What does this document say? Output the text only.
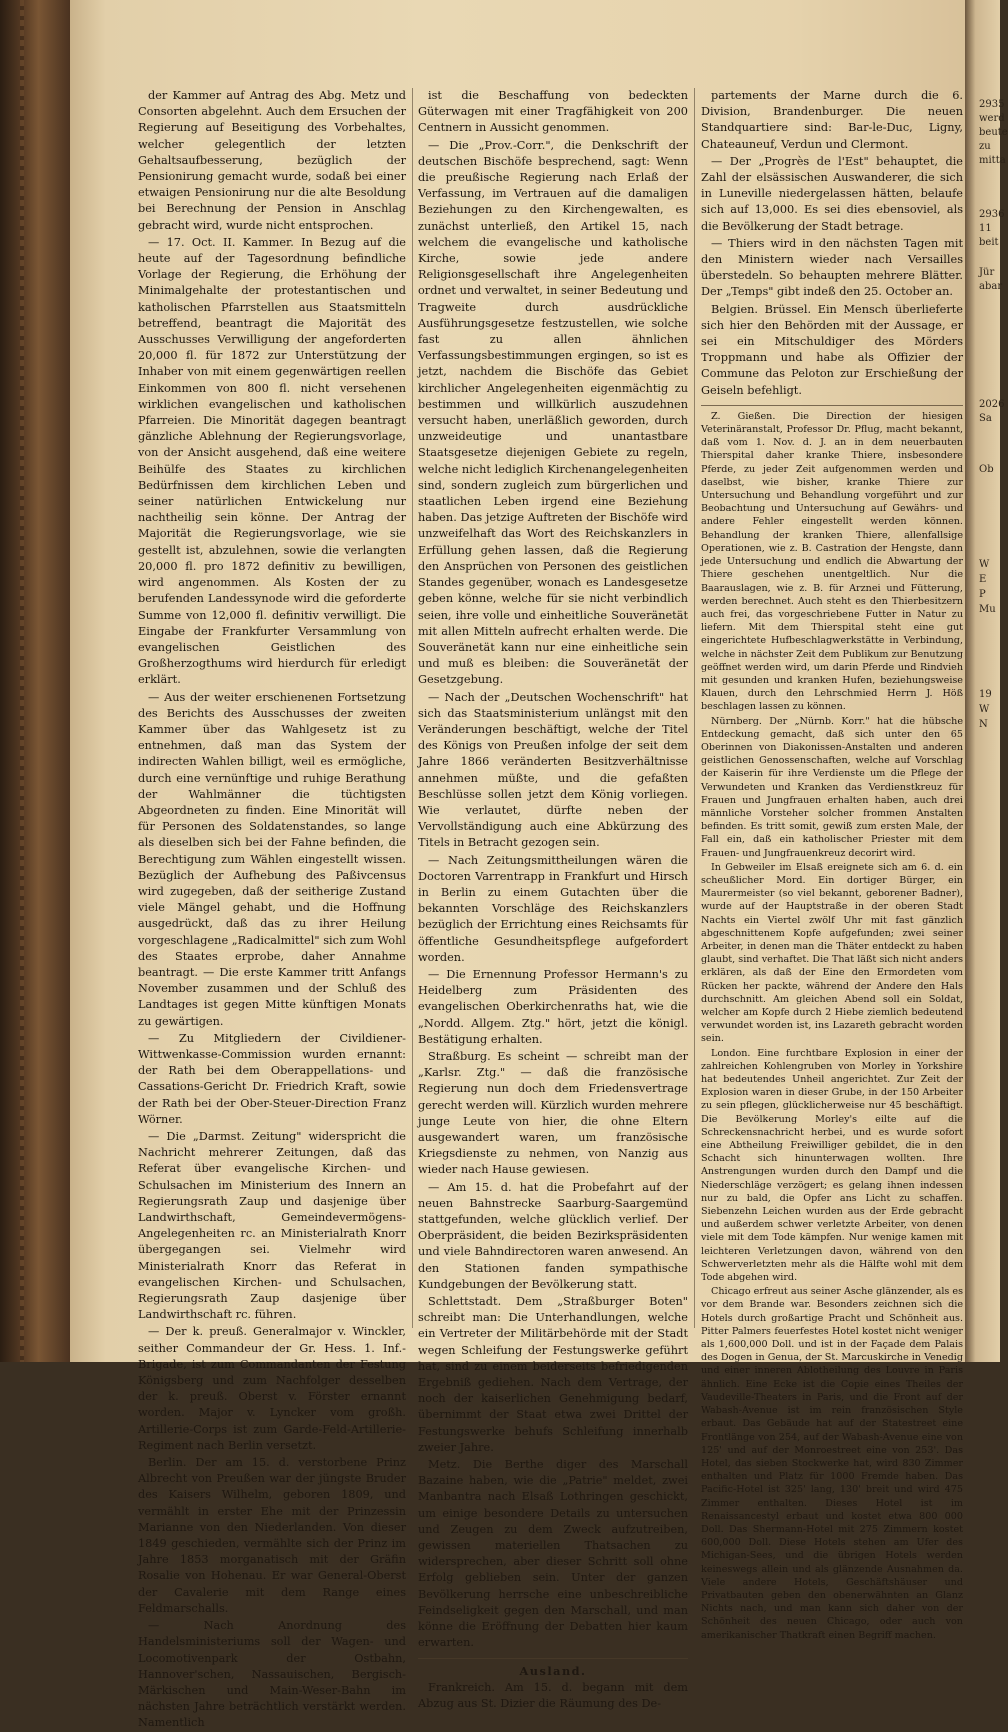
der Kammer auf Antrag des Abg. Metz und Consorten abgelehnt. Auch dem Ersuchen der Regierung auf Beseitigung des Vorbehaltes, welcher gelegentlich der letzten Gehaltsaufbesserung, bezüglich der Pensionirung gemacht wurde, sodaß bei einer etwaigen Pensionirung nur die alte Besoldung bei Berechnung der Pension in Anschlag gebracht wird, wurde nicht entsprochen.

— 17. Oct. II. Kammer. In Bezug auf die heute auf der Tagesordnung befindliche Vorlage der Regierung, die Erhöhung der Minimalgehalte der protestantischen und katholischen Pfarrstellen aus Staatsmitteln betreffend, beantragt die Majorität des Ausschusses Verwilligung der angeforderten 20,000 fl. für 1872 zur Unterstützung der Inhaber von mit einem gegenwärtigen reellen Einkommen von 800 fl. nicht versehenen wirklichen evangelischen und katholischen Pfarreien. Die Minorität dagegen beantragt gänzliche Ablehnung der Regierungsvorlage, von der Ansicht ausgehend, daß eine weitere Beihülfe des Staates zu kirchlichen Bedürfnissen dem kirchlichen Leben und seiner natürlichen Entwickelung nur nachtheilig sein könne. Der Antrag der Majorität die Regierungsvorlage, wie sie gestellt ist, abzulehnen, sowie die verlangten 20,000 fl. pro 1872 definitiv zu bewilligen, wird angenommen. Als Kosten der zu berufenden Landessynode wird die geforderte Summe von 12,000 fl. definitiv verwilligt. Die Eingabe der Frankfurter Versammlung von evangelischen Geistlichen des Großherzogthums wird hierdurch für erledigt erklärt.

— Aus der weiter erschienenen Fortsetzung des Berichts des Ausschusses der zweiten Kammer über das Wahlgesetz ist zu entnehmen, daß man das System der indirecten Wahlen billigt, weil es ermögliche, durch eine vernünftige und ruhige Berathung der Wahlmänner die tüchtigsten Abgeordneten zu finden. Eine Minorität will für Personen des Soldatenstandes, so lange als dieselben sich bei der Fahne befinden, die Berechtigung zum Wählen eingestellt wissen. Bezüglich der Aufhebung des Paßivcensus wird zugegeben, daß der seitherige Zustand viele Mängel gehabt, und die Hoffnung ausgedrückt, daß das zu ihrer Heilung vorgeschlagene „Radicalmittel" sich zum Wohl des Staates erprobe, daher Annahme beantragt. — Die erste Kammer tritt Anfangs November zusammen und der Schluß des Landtages ist gegen Mitte künftigen Monats zu gewärtigen.

— Zu Mitgliedern der Civildiener-Wittwenkasse-Commission wurden ernannt: der Rath bei dem Oberappellations- und Cassations-Gericht Dr. Friedrich Kraft, sowie der Rath bei der Ober-Steuer-Direction Franz Wörner.

— Die „Darmst. Zeitung" widerspricht die Nachricht mehrerer Zeitungen, daß das Referat über evangelische Kirchen- und Schulsachen im Ministerium des Innern an Regierungsrath Zaup und dasjenige über Landwirthschaft, Gemeindevermögens-Angelegenheiten rc. an Ministerialrath Knorr übergegangen sei. Vielmehr wird Ministerialrath Knorr das Referat in evangelischen Kirchen- und Schulsachen, Regierungsrath Zaup dasjenige über Landwirthschaft rc. führen.

— Der k. preuß. Generalmajor v. Winckler, seither Commandeur der Gr. Hess. 1. Inf.-Brigade, ist zum Commandanten der Festung Königsberg und zum Nachfolger desselben der k. preuß. Oberst v. Förster ernannt worden. Major v. Lyncker vom großh. Artillerie-Corps ist zum Garde-Feld-Artillerie-Regiment nach Berlin versetzt.

Berlin. Der am 15. d. verstorbene Prinz Albrecht von Preußen war der jüngste Bruder des Kaisers Wilhelm, geboren 1809, und vermählt in erster Ehe mit der Prinzessin Marianne von den Niederlanden. Von dieser 1849 geschieden, vermählte sich der Prinz im Jahre 1853 morganatisch mit der Gräfin Rosalie von Hohenau. Er war General-Oberst der Cavalerie mit dem Range eines Feldmarschalls.

— Nach Anordnung des Handelsministeriums soll der Wagen- und Locomotivenpark der Ostbahn, Hannover'schen, Nassauischen, Bergisch-Märkischen und Main-Weser-Bahn im nächsten Jahre beträchtlich verstärkt werden. Namentlich

ist die Beschaffung von bedeckten Güterwagen mit einer Tragfähigkeit von 200 Centnern in Aussicht genommen.

— Die „Prov.-Corr.", die Denkschrift der deutschen Bischöfe besprechend, sagt: Wenn die preußische Regierung nach Erlaß der Verfassung, im Vertrauen auf die damaligen Beziehungen zu den Kirchengewalten, es zunächst unterließ, den Artikel 15, nach welchem die evangelische und katholische Kirche, sowie jede andere Religionsgesellschaft ihre Angelegenheiten ordnet und verwaltet, in seiner Bedeutung und Tragweite durch ausdrückliche Ausführungsgesetze festzustellen, wie solche fast zu allen ähnlichen Verfassungsbestimmungen ergingen, so ist es jetzt, nachdem die Bischöfe das Gebiet kirchlicher Angelegenheiten eigenmächtig zu bestimmen und willkürlich auszudehnen versucht haben, unerläßlich geworden, durch unzweideutige und unantastbare Staatsgesetze diejenigen Gebiete zu regeln, welche nicht lediglich Kirchenangelegenheiten sind, sondern zugleich zum bürgerlichen und staatlichen Leben irgend eine Beziehung haben. Das jetzige Auftreten der Bischöfe wird unzweifelhaft das Wort des Reichskanzlers in Erfüllung gehen lassen, daß die Regierung den Ansprüchen von Personen des geistlichen Standes gegenüber, wonach es Landesgesetze geben könne, welche für sie nicht verbindlich seien, ihre volle und einheitliche Souveränetät mit allen Mitteln aufrecht erhalten werde. Die Souveränetät kann nur eine einheitliche sein und muß es bleiben: die Souveränetät der Gesetzgebung.

— Nach der „Deutschen Wochenschrift" hat sich das Staatsministerium unlängst mit den Veränderungen beschäftigt, welche der Titel des Königs von Preußen infolge der seit dem Jahre 1866 veränderten Besitzverhältnisse annehmen müßte, und die gefaßten Beschlüsse sollen jetzt dem König vorliegen. Wie verlautet, dürfte neben der Vervollständigung auch eine Abkürzung des Titels in Betracht gezogen sein.

— Nach Zeitungsmittheilungen wären die Doctoren Varrentrapp in Frankfurt und Hirsch in Berlin zu einem Gutachten über die bekannten Vorschläge des Reichskanzlers bezüglich der Errichtung eines Reichsamts für öffentliche Gesundheitspflege aufgefordert worden.

— Die Ernennung Professor Hermann's zu Heidelberg zum Präsidenten des evangelischen Oberkirchenraths hat, wie die „Nordd. Allgem. Ztg." hört, jetzt die königl. Bestätigung erhalten.

Straßburg. Es scheint — schreibt man der „Karlsr. Ztg." — daß die französische Regierung nun doch dem Friedensvertrage gerecht werden will. Kürzlich wurden mehrere junge Leute von hier, die ohne Eltern ausgewandert waren, um französische Kriegsdienste zu nehmen, von Nanzig aus wieder nach Hause gewiesen.

— Am 15. d. hat die Probefahrt auf der neuen Bahnstrecke Saarburg-Saargemünd stattgefunden, welche glücklich verlief. Der Oberpräsident, die beiden Bezirkspräsidenten und viele Bahndirectoren waren anwesend. An den Stationen fanden sympathische Kundgebungen der Bevölkerung statt.

Schlettstadt. Dem „Straßburger Boten" schreibt man: Die Unterhandlungen, welche ein Vertreter der Militärbehörde mit der Stadt wegen Schleifung der Festungswerke geführt hat, sind zu einem beiderseits befriedigenden Ergebniß gediehen. Nach dem Vertrage, der noch der kaiserlichen Genehmigung bedarf, übernimmt der Staat etwa zwei Drittel der Festungswerke behufs Schleifung innerhalb zweier Jahre.

Metz. Die Berthe diger des Marschall Bazaine haben, wie die „Patrie" meldet, zwei Manbantra nach Elsaß Lothringen geschickt, um einige besondere Details zu untersuchen und Zeugen zu dem Zweck aufzutreiben, gewissen materiellen Thatsachen zu widersprechen, aber dieser Schritt soll ohne Erfolg geblieben sein. Unter der ganzen Bevölkerung herrsche eine unbeschreibliche Feindseligkeit gegen den Marschall, und man könne die Eröffnung der Debatten hier kaum erwarten.

Ausland.

Frankreich. Am 15. d. begann mit dem Abzug aus St. Dizier die Räumung des De-

partements der Marne durch die 6. Division, Brandenburger. Die neuen Standquartiere sind: Bar-le-Duc, Ligny, Chateauneuf, Verdun und Clermont.

— Der „Progrès de l'Est" behauptet, die Zahl der elsässischen Auswanderer, die sich in Luneville niedergelassen hätten, belaufe sich auf 13,000. Es sei dies ebensoviel, als die Bevölkerung der Stadt betrage.

— Thiers wird in den nächsten Tagen mit den Ministern wieder nach Versailles überstedeln. So behaupten mehrere Blätter. Der „Temps" gibt indeß den 25. October an.

Belgien. Brüssel. Ein Mensch überlieferte sich hier den Behörden mit der Aussage, er sei ein Mitschuldiger des Mörders Troppmann und habe als Offizier der Commune das Peloton zur Erschießung der Geiseln befehligt.

Z. Gießen. Die Direction der hiesigen Veterinäranstalt, Professor Dr. Pflug, macht bekannt, daß vom 1. Nov. d. J. an in dem neuerbauten Thierspital daher kranke Thiere, insbesondere Pferde, zu jeder Zeit aufgenommen werden und daselbst, wie bisher, kranke Thiere zur Untersuchung und Behandlung vorgeführt und zur Beobachtung und Untersuchung auf Gewährs- und andere Fehler eingestellt werden können. Behandlung der kranken Thiere, allenfallsige Operationen, wie z. B. Castration der Hengste, dann jede Untersuchung und endlich die Abwartung der Thiere geschehen unentgeltlich. Nur die Baarauslagen, wie z. B. für Arznei und Fütterung, werden berechnet. Auch steht es den Thierbesitzern auch frei, das vorgeschriebene Futter in Natur zu liefern. Mit dem Thierspital steht eine gut eingerichtete Hufbeschlagwerkstätte in Verbindung, welche in nächster Zeit dem Publikum zur Benutzung geöffnet werden wird, um darin Pferde und Rindvieh mit gesunden und kranken Hufen, beziehungsweise Klauen, durch den Lehrschmied Herrn J. Höß beschlagen lassen zu können.

Nürnberg. Der „Nürnb. Korr." hat die hübsche Entdeckung gemacht, daß sich unter den 65 Oberinnen von Diakonissen-Anstalten und anderen geistlichen Genossenschaften, welche auf Vorschlag der Kaiserin für ihre Verdienste um die Pflege der Verwundeten und Kranken das Verdienstkreuz für Frauen und Jungfrauen erhalten haben, auch drei männliche Vorsteher solcher frommen Anstalten befinden. Es tritt somit, gewiß zum ersten Male, der Fall ein, daß ein katholischer Priester mit dem Frauen- und Jungfrauenkreuz decorirt wird.

In Gebweiler im Elsaß ereignete sich am 6. d. ein scheußlicher Mord. Ein dortiger Bürger, ein Maurermeister (so viel bekannt, geborener Badner), wurde auf der Hauptstraße in der oberen Stadt Nachts ein Viertel zwölf Uhr mit fast gänzlich abgeschnittenem Kopfe aufgefunden; zwei seiner Arbeiter, in denen man die Thäter entdeckt zu haben glaubt, sind verhaftet. Die That läßt sich nicht anders erklären, als daß der Eine den Ermordeten vom Rücken her packte, während der Andere den Hals durchschnitt. Am gleichen Abend soll ein Soldat, welcher am Kopfe durch 2 Hiebe ziemlich bedeutend verwundet worden ist, ins Lazareth gebracht worden sein.

London. Eine furchtbare Explosion in einer der zahlreichen Kohlengruben von Morley in Yorkshire hat bedeutendes Unheil angerichtet. Zur Zeit der Explosion waren in dieser Grube, in der 150 Arbeiter zu sein pflegen, glücklicherweise nur 45 beschäftigt. Die Bevölkerung Morley's eilte auf die Schreckensnachricht herbei, und es wurde sofort eine Abtheilung Freiwilliger gebildet, die in den Schacht sich hinunterwagen wollten. Ihre Anstrengungen wurden durch den Dampf und die Niederschläge verzögert; es gelang ihnen indessen nur zu bald, die Opfer ans Licht zu schaffen. Siebenzehn Leichen wurden aus der Erde gebracht und außerdem schwer verletzte Arbeiter, von denen viele mit dem Tode kämpfen. Nur wenige kamen mit leichteren Verletzungen davon, während von den Schwerverletzten mehr als die Hälfte wohl mit dem Tode abgehen wird.

Chicago erfreut aus seiner Asche glänzender, als es vor dem Brande war. Besonders zeichnen sich die Hotels durch großartige Pracht und Schönheit aus. Pitter Palmers feuerfestes Hotel kostet nicht weniger als 1,600,000 Doll. und ist in der Façade dem Palais des Dogen in Genua, der St. Marcuskirche in Venedig und einer inneren Ablotheilung des Louvre in Paris ähnlich. Eine Ecke ist die Copie eines Theiles der Vaudeville-Theaters in Paris, und die Front auf der Wabash-Avenue ist im rein französischen Style erbaut. Das Gebäude hat auf der Statestreet eine Frontlänge von 254, auf der Wabash-Avenue eine von 125' und auf der Monroestreet eine von 253'. Das Hotel, das sieben Stockwerke hat, wird 830 Zimmer enthalten und Platz für 1000 Fremde haben. Das Pacific-Hotel ist 325' lang, 130' breit und wird 475 Zimmer enthalten. Dieses Hotel ist im Renaissancestyl erbaut und kostet etwa 800 000 Doll. Das Shermann-Hotel mit 275 Zimmern kostet 600,000 Doll. Diese Hotels stehen am Ufer des Michigan-Sees, und die übrigen Hotels werden keineswegs allein und als glänzende Ausnahmen da. Viele andere Hotels, Geschäftshäuser und Privatbauten geben den obenerwähnten an Glanz Nichts nach, und man kann sich daher von der Schönheit des neuen Chicago, oder auch von amerikanischer Thatkraft einen Begriff machen.

2935
werd
beute
zu
mitta
2936
11
beit
Jür
abar
2026
Sa
Ob
W
E
P
Mu
19
W
N
